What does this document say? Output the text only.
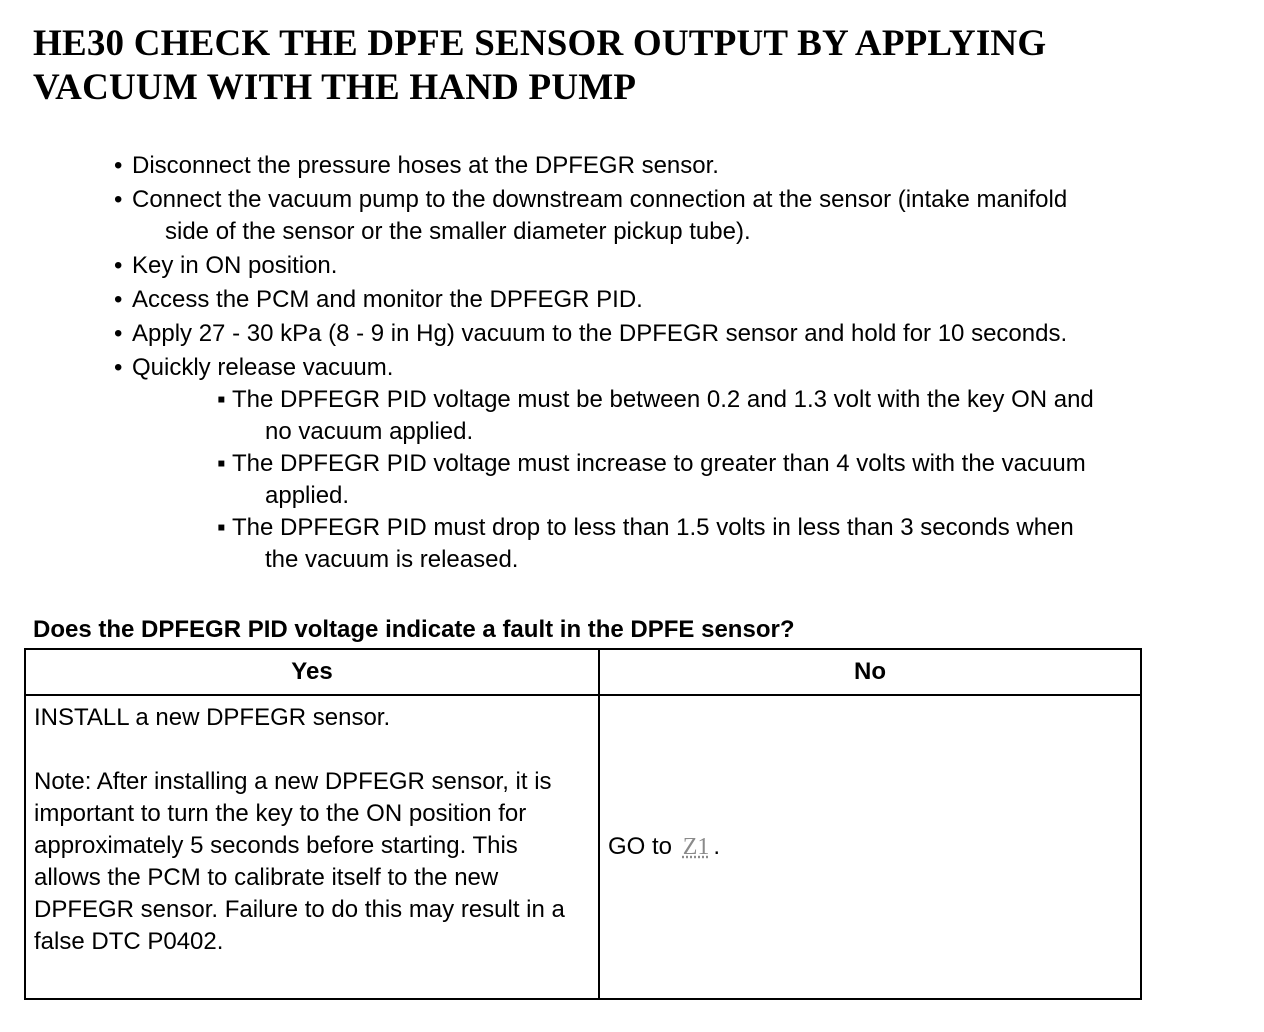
HE30 CHECK THE DPFE SENSOR OUTPUT BY APPLYING
VACUUM WITH THE HAND PUMP
• Disconnect the pressure hoses at the DPFEGR sensor.
• Connect the vacuum pump to the downstream connection at the sensor (intake manifold
side of the sensor or the smaller diameter pickup tube).
• Key in ON position.
• Access the PCM and monitor the DPFEGR PID.
• Apply 27 - 30 kPa (8 - 9 in Hg) vacuum to the DPFEGR sensor and hold for 10 seconds.
• Quickly release vacuum.
▪ The DPFEGR PID voltage must be between 0.2 and 1.3 volt with the key ON and
no vacuum applied.
▪ The DPFEGR PID voltage must increase to greater than 4 volts with the vacuum
applied.
▪ The DPFEGR PID must drop to less than 1.5 volts in less than 3 seconds when
the vacuum is released.

Does the DPFEGR PID voltage indicate a fault in the DPFE sensor?

Yes	No

INSTALL a new DPFEGR sensor.
Note: After installing a new DPFEGR sensor, it is important to turn the key to the ON position for approximately 5 seconds before starting. This allows the PCM to calibrate itself to the new DPFEGR sensor. Failure to do this may result in a false DTC P0402.	GO to Z1 .
